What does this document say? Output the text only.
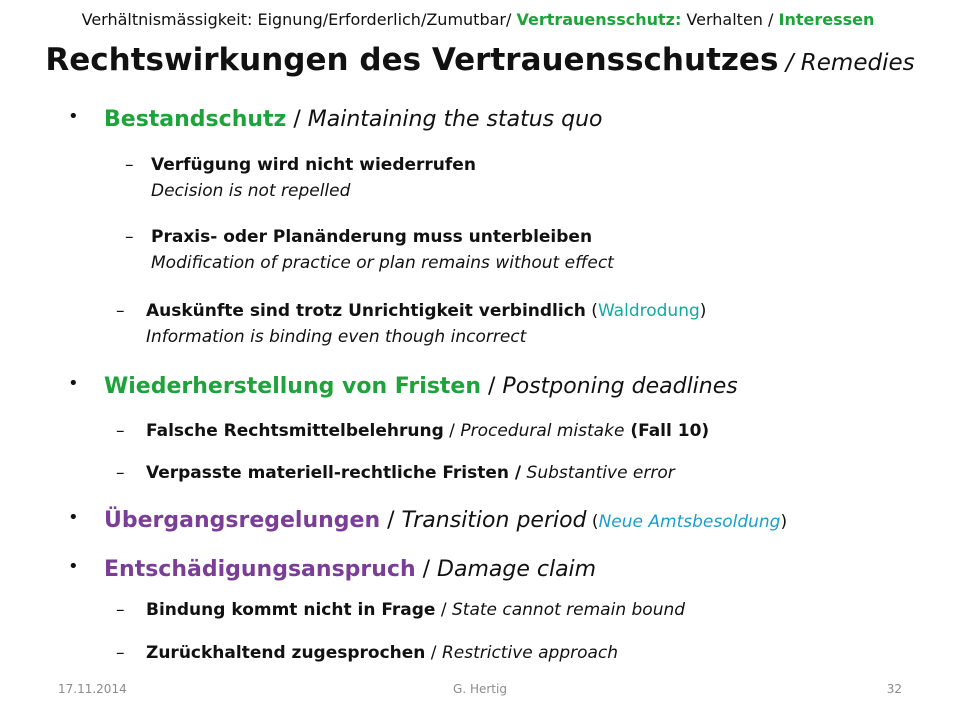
Verhältnismässigkeit: Eignung/Erforderlich/Zumutbar/ Vertrauensschutz: Verhalten / Interessen
Rechtswirkungen des Vertrauensschutzes / Remedies
• Bestandschutz / Maintaining the status quo
– Verfügung wird nicht wiederrufen
Decision is not repelled
– Praxis- oder Planänderung muss unterbleiben
Modification of practice or plan remains without effect
– Auskünfte sind trotz Unrichtigkeit verbindlich (Waldrodung)
Information is binding even though incorrect
• Wiederherstellung von Fristen / Postponing deadlines
– Falsche Rechtsmittelbelehrung / Procedural mistake (Fall 10)
– Verpasste materiell-rechtliche Fristen / Substantive error
• Übergangsregelungen / Transition period (Neue Amtsbesoldung)
• Entschädigungsanspruch / Damage claim
– Bindung kommt nicht in Frage / State cannot remain bound
– Zurückhaltend zugesprochen / Restrictive approach
17.11.2014	G. Hertig	32
